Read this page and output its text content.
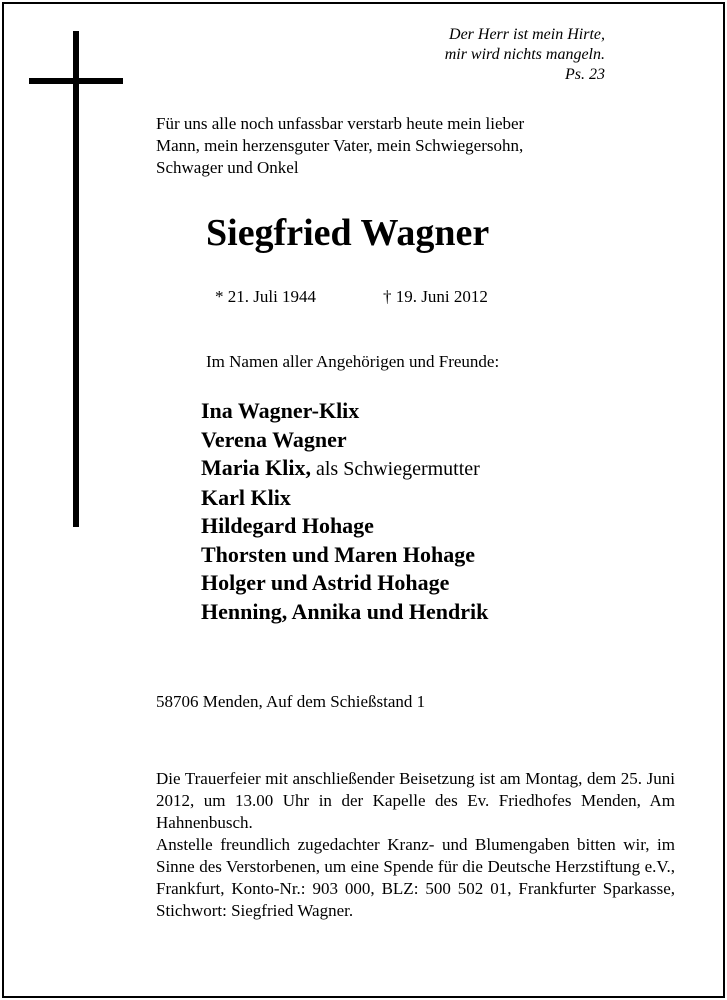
Der Herr ist mein Hirte,
mir wird nichts mangeln.
Ps. 23
Für uns alle noch unfassbar verstarb heute mein lieber
Mann, mein herzensguter Vater, mein Schwiegersohn,
Schwager und Onkel
Siegfried Wagner
* 21. Juli 1944	† 19. Juni 2012
Im Namen aller Angehörigen und Freunde:
Ina Wagner-Klix
Verena Wagner
Maria Klix, als Schwiegermutter
Karl Klix
Hildegard Hohage
Thorsten und Maren Hohage
Holger und Astrid Hohage
Henning, Annika und Hendrik
58706 Menden, Auf dem Schießstand 1

Die Trauerfeier mit anschließender Beisetzung ist am Montag, dem 25. Juni 2012, um 13.00 Uhr in der Kapelle des Ev. Friedhofes Menden, Am Hahnenbusch.

Anstelle freundlich zugedachter Kranz- und Blumengaben bitten wir, im Sinne des Verstorbenen, um eine Spende für die Deutsche Herzstiftung e.V., Frankfurt, Konto-Nr.: 903 000, BLZ: 500 502 01, Frankfurter Sparkasse, Stichwort: Siegfried Wagner.
